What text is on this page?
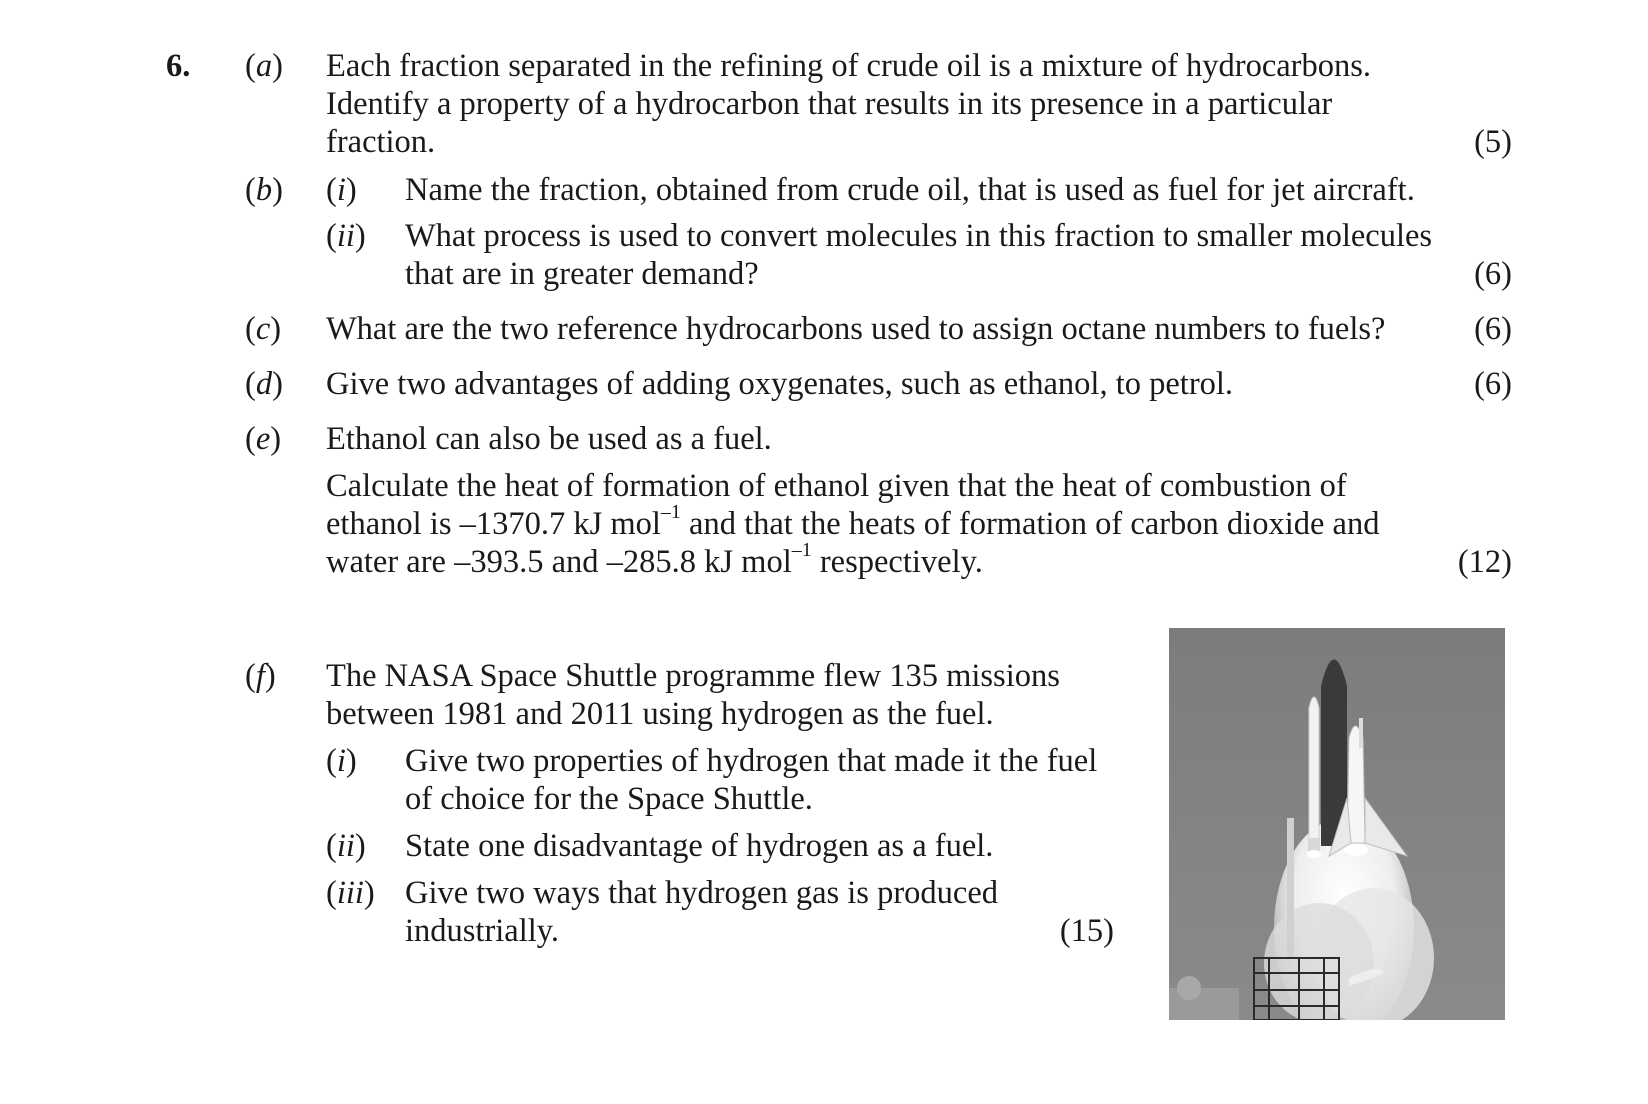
6. (a) Each fraction separated in the refining of crude oil is a mixture of hydrocarbons.
Identify a property of a hydrocarbon that results in its presence in a particular
fraction.	(5)
(b) (i) Name the fraction, obtained from crude oil, that is used as fuel for jet aircraft.
(ii) What process is used to convert molecules in this fraction to smaller molecules
that are in greater demand?	(6)
(c) What are the two reference hydrocarbons used to assign octane numbers to fuels?	(6)
(d) Give two advantages of adding oxygenates, such as ethanol, to petrol.	(6)
(e) Ethanol can also be used as a fuel.
Calculate the heat of formation of ethanol given that the heat of combustion of
ethanol is –1370.7 kJ mol$^{-1}$ and that the heats of formation of carbon dioxide and
water are –393.5 and –285.8 kJ mol$^{-1}$ respectively.	(12)
(f) The NASA Space Shuttle programme flew 135 missions
between 1981 and 2011 using hydrogen as the fuel.
(i) Give two properties of hydrogen that made it the fuel
of choice for the Space Shuttle.
(ii) State one disadvantage of hydrogen as a fuel.
(iii) Give two ways that hydrogen gas is produced
industrially.	(15)
